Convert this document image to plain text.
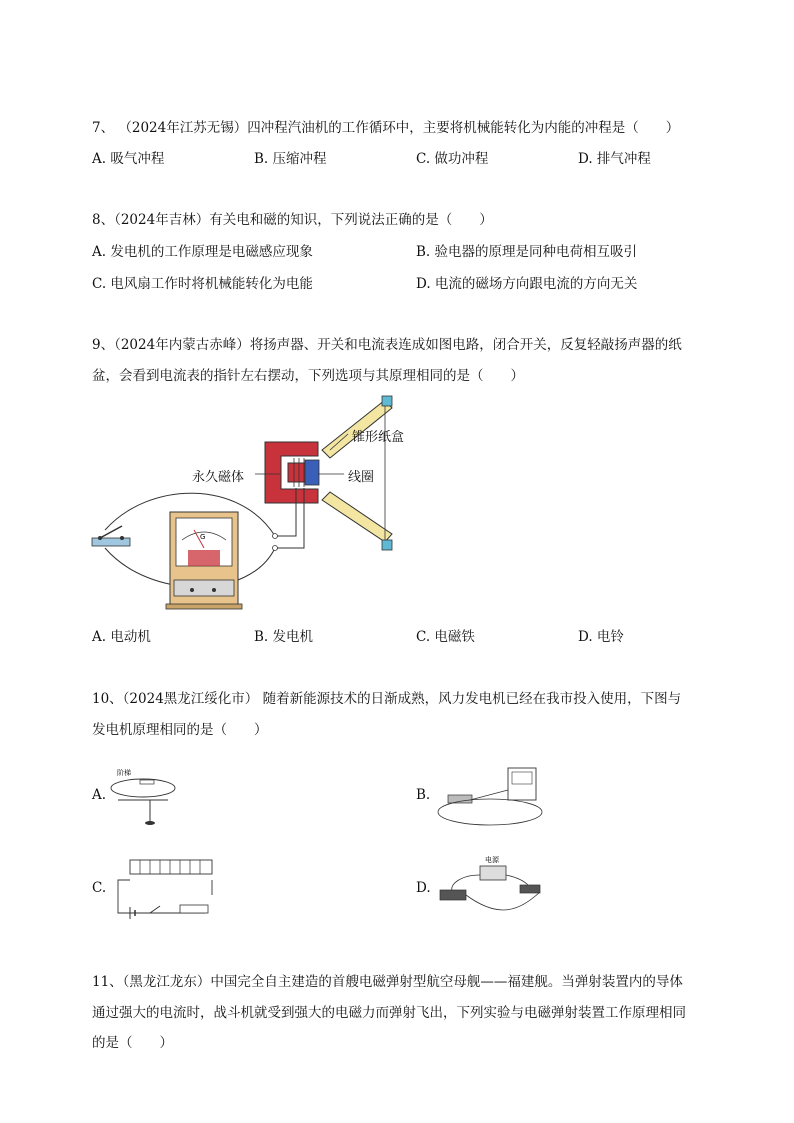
7、 （2024年江苏无锡）四冲程汽油机的工作循环中，主要将机械能转化为内能的冲程是（　　）
A. 吸气冲程	B. 压缩冲程	C. 做功冲程	D. 排气冲程
8、（2024年吉林）有关电和磁的知识，下列说法正确的是（　　）
A. 发电机的工作原理是电磁感应现象	B. 验电器的原理是同种电荷相互吸引
C. 电风扇工作时将机械能转化为电能	D. 电流的磁场方向跟电流的方向无关
9、（2024年内蒙古赤峰）将扬声器、开关和电流表连成如图电路，闭合开关，反复轻敲扬声器的纸
盆，会看到电流表的指针左右摆动，下列选项与其原理相同的是（　　）
G
锥形纸盒
永久磁体	线圈
A. 电动机	B. 发电机	C. 电磁铁	D. 电铃
10、（2024黑龙江绥化市） 随着新能源技术的日渐成熟，风力发电机已经在我市投入使用，下图与
发电机原理相同的是（　　）
A.	B.
C.	D.
阶梯
电源
11、（黑龙江龙东）中国完全自主建造的首艘电磁弹射型航空母舰——福建舰。当弹射装置内的导体
通过强大的电流时，战斗机就受到强大的电磁力而弹射飞出，下列实验与电磁弹射装置工作原理相同
的是（　　）
